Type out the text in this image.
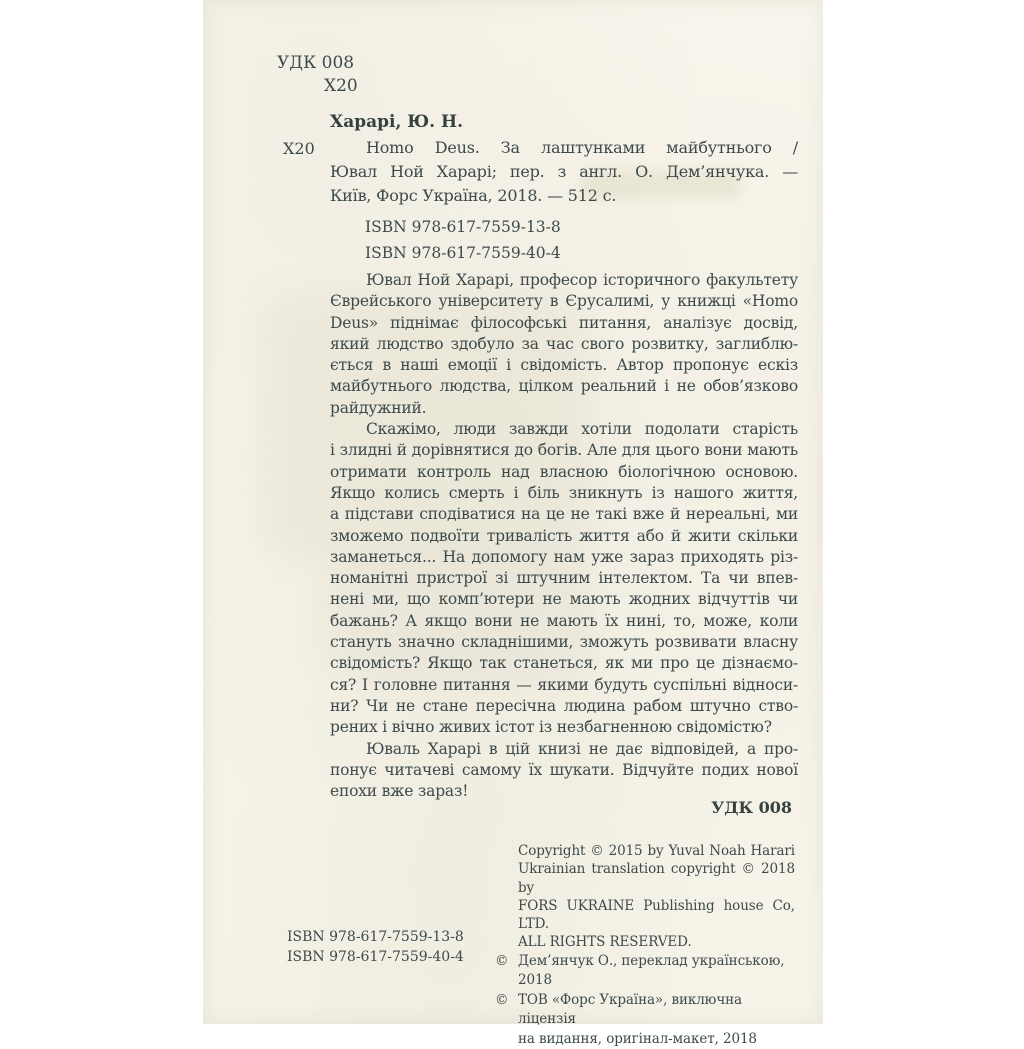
УДК 008
Х20
Харарі, Ю. Н.
Х20	Homo Deus. За лаштунками майбутнього /
Ювал Ной Харарі; пер. з англ. О. Дем’янчука. —
Київ, Форс Україна, 2018. — 512 с.
ISBN 978-617-7559-13-8
ISBN 978-617-7559-40-4
Ювал Ной Харарі, професор історичного факультету
Єврейського університету в Єрусалимі, у книжці «Homo
Deus» піднімає філософські питання, аналізує досвід,
який людство здобуло за час свого розвитку, заглиблю-
ється в наші емоції і свідомість. Автор пропонує ескіз
майбутнього людства, цілком реальний і не обов’язково
райдужний.
Скажімо, люди завжди хотіли подолати старість
і злидні й дорівнятися до богів. Але для цього вони мають
отримати контроль над власною біологічною основою.
Якщо колись смерть і біль зникнуть із нашого життя,
а підстави сподіватися на це не такі вже й нереальні, ми
зможемо подвоїти тривалість життя або й жити скільки
заманеться... На допомогу нам уже зараз приходять різ-
номанітні пристрої зі штучним інтелектом. Та чи впев-
нені ми, що комп’ютери не мають жодних відчуттів чи
бажань? А якщо вони не мають їх нині, то, може, коли
стануть значно складнішими, зможуть розвивати власну
свідомість? Якщо так станеться, як ми про це дізнаємо-
ся? І головне питання — якими будуть суспільні відноси-
ни? Чи не стане пересічна людина рабом штучно ство-
рених і вічно живих істот із незбагненною свідомістю?
Юваль Харарі в цій книзі не дає відповідей, а про-
понує читачеві самому їх шукати. Відчуйте подих нової
епохи вже зараз!
УДК 008
Copyright © 2015 by Yuval Noah Harari
Ukrainian translation copyright © 2018 by
FORS UKRAINE Publishing house Co, LTD.
ALL RIGHTS RESERVED.
© Дем’янчук О., переклад українською, 2018
© ТОВ «Форс Україна», виключна ліцензія
на видання, оригінал-макет, 2018
ISBN 978-617-7559-13-8
ISBN 978-617-7559-40-4
